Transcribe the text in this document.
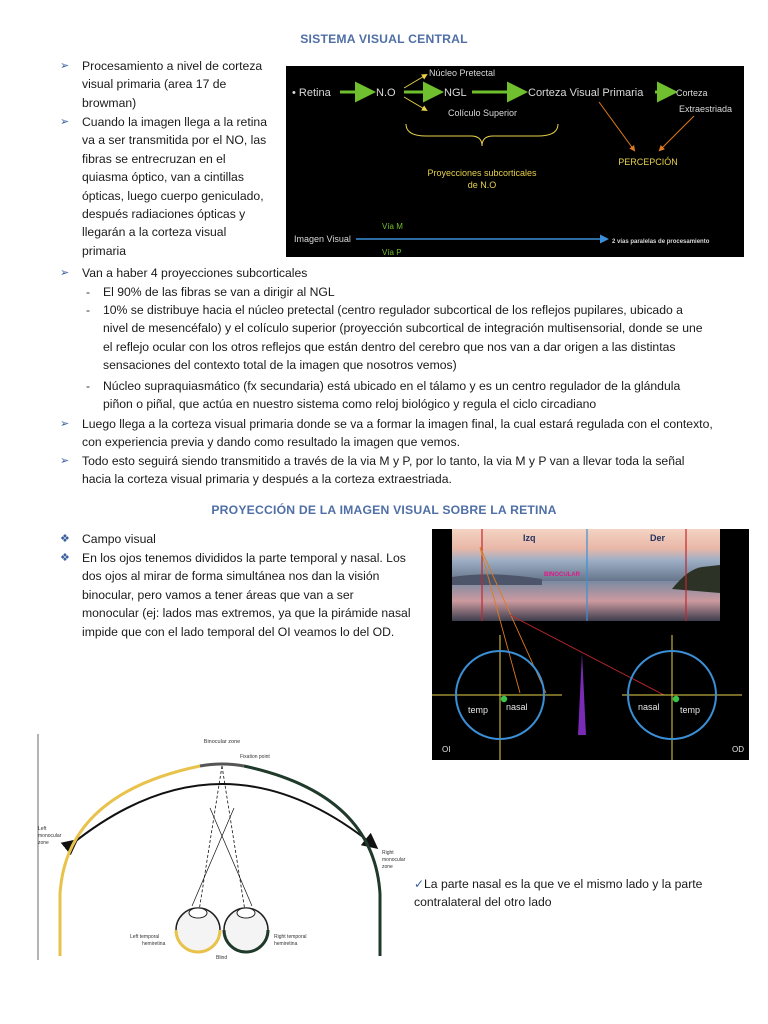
SISTEMA VISUAL CENTRAL
➢ Procesamiento a nivel de corteza
visual primaria (area 17 de
browman)
➢ Cuando la imagen llega a la retina
va a ser transmitida por el NO, las
fibras se entrecruzan en el
quiasma óptico, van a cintillas
ópticas, luego cuerpo geniculado,
después radiaciones ópticas y
llegarán a la corteza visual
primaria
➢ Van a haber 4 proyecciones subcorticales
- El 90% de las fibras se van a dirigir al NGL
- 10% se distribuye hacia el núcleo pretectal (centro regulador subcortical de los reflejos pupilares, ubicado a
nivel de mesencéfalo) y el colículo superior (proyección subcortical de integración multisensorial, donde se une
el reflejo ocular con los otros reflejos que están dentro del cerebro que nos van a dar origen a las distintas
sensaciones del contexto total de la imagen que nosotros vemos)
- Núcleo supraquiasmático (fx secundaria) está ubicado en el tálamo y es un centro regulador de la glándula
piñon o piñal, que actúa en nuestro sistema como reloj biológico y regula el ciclo circadiano
➢ Luego llega a la corteza visual primaria donde se va a formar la imagen final, la cual estará regulada con el contexto,
con experiencia previa y dando como resultado la imagen que vemos.
➢ Todo esto seguirá siendo transmitido a través de la via M y P, por lo tanto, la via M y P van a llevar toda la señal
hacia la corteza visual primaria y después a la corteza extraestriada.
• Retina	N.O
Núcleo Pretectal
NGL
Colículo Superior
Corteza Visual Primaria	Corteza
Extraestriada
Proyecciones subcorticales
de N.O
PERCEPCIÓN
Vía M
Imagen Visual
Vía P
2 vías paralelas de procesamiento
PROYECCIÓN DE LA IMAGEN VISUAL SOBRE LA RETINA
❖ Campo visual
❖ En los ojos tenemos divididos la parte temporal y nasal. Los
dos ojos al mirar de forma simultánea nos dan la visión
binocular, pero vamos a tener áreas que van a ser
monocular (ej: lados mas extremos, ya que la pirámide nasal
impide que con el lado temporal del OI veamos lo del OD.
Izq	Der
BINOCULAR
temp nasal	nasal temp
OI	OD
Binocular zone
Fixation point
Left
monocular
zone
Right
monocular
zone
Left temporal
hemiretina
Right temporal
hemiretina
Blind
✓ La parte nasal es la que ve el mismo lado y la parte
contralateral del otro lado
